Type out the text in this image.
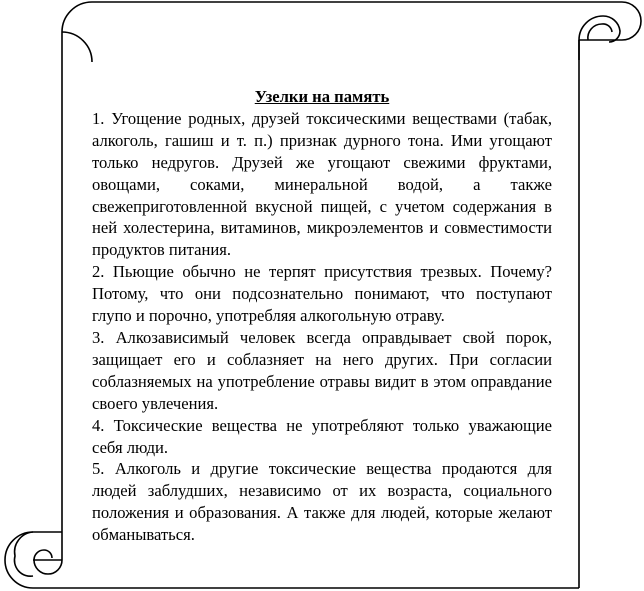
Узелки на память

1. Угощение родных, друзей токсическими веществами (табак, алкоголь, гашиш и т. п.) признак дурного тона. Ими угощают только недругов. Друзей же угощают свежими фруктами, овощами, соками, минеральной водой, а также свежеприготовленной вкусной пищей, с учетом содержания в ней холестерина, витаминов, микроэлементов и совместимости продуктов питания.

2. Пьющие обычно не терпят присутствия трезвых. Почему? Потому, что они подсознательно понимают, что поступают глупо и порочно, употребляя алкогольную отраву.

3. Алкозависимый человек всегда оправдывает свой порок, защищает его и соблазняет на него других. При согласии соблазняемых на употребление отравы видит в этом оправдание своего увлечения.

4. Токсические вещества не употребляют только уважающие себя люди.

5. Алкоголь и другие токсические вещества продаются для людей заблудших, независимо от их возраста, социального положения и образования. А также для людей, которые желают обманываться.
